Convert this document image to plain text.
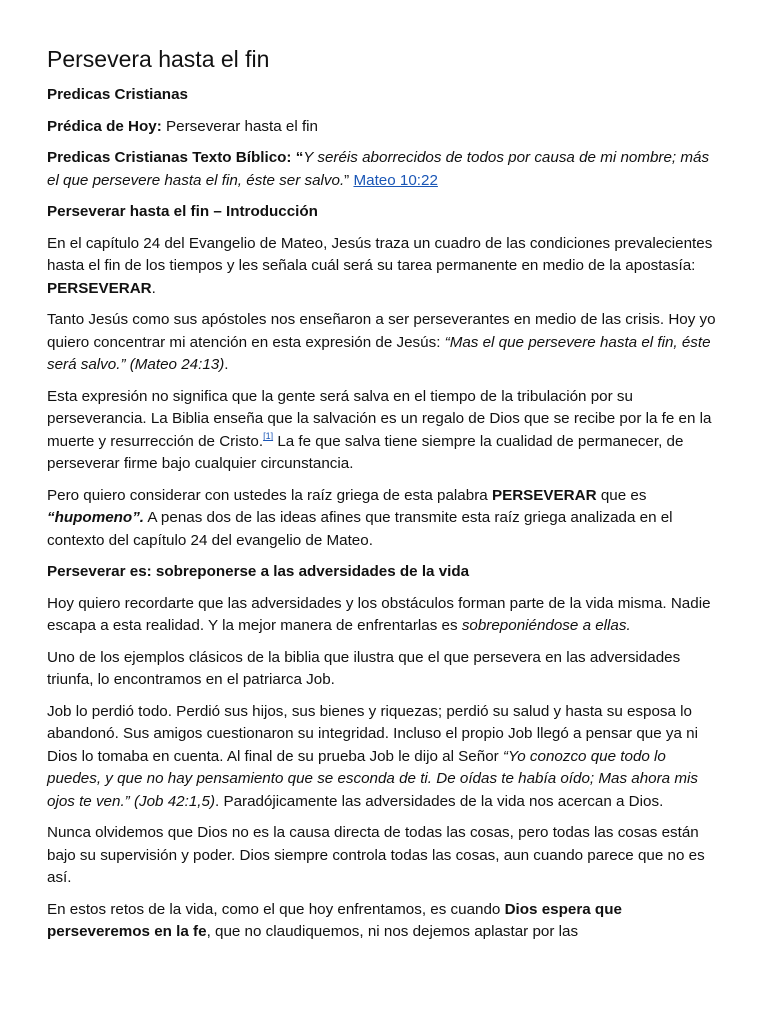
Persevera hasta el fin

Predicas Cristianas

Prédica de Hoy: Perseverar hasta el fin

Predicas Cristianas Texto Bíblico: “Y seréis aborrecidos de todos por causa de mi nombre; más el que persevere hasta el fin, éste ser salvo.” Mateo 10:22

Perseverar hasta el fin – Introducción

En el capítulo 24 del Evangelio de Mateo, Jesús traza un cuadro de las condiciones prevalecientes hasta el fin de los tiempos y les señala cuál será su tarea permanente en medio de la apostasía: PERSEVERAR.

Tanto Jesús como sus apóstoles nos enseñaron a ser perseverantes en medio de las crisis. Hoy yo quiero concentrar mi atención en esta expresión de Jesús: “Mas el que persevere hasta el fin, éste será salvo.” (Mateo 24:13).

Esta expresión no significa que la gente será salva en el tiempo de la tribulación por su perseverancia. La Biblia enseña que la salvación es un regalo de Dios que se recibe por la fe en la muerte y resurrección de Cristo.[1] La fe que salva tiene siempre la cualidad de permanecer, de perseverar firme bajo cualquier circunstancia.

Pero quiero considerar con ustedes la raíz griega de esta palabra PERSEVERAR que es “hupomeno”. A penas dos de las ideas afines que transmite esta raíz griega analizada en el contexto del capítulo 24 del evangelio de Mateo.

Perseverar es: sobreponerse a las adversidades de la vida

Hoy quiero recordarte que las adversidades y los obstáculos forman parte de la vida misma. Nadie escapa a esta realidad. Y la mejor manera de enfrentarlas es sobreponiéndose a ellas.

Uno de los ejemplos clásicos de la biblia que ilustra que el que persevera en las adversidades triunfa, lo encontramos en el patriarca Job.

Job lo perdió todo. Perdió sus hijos, sus bienes y riquezas; perdió su salud y hasta su esposa lo abandonó. Sus amigos cuestionaron su integridad. Incluso el propio Job llegó a pensar que ya ni Dios lo tomaba en cuenta. Al final de su prueba Job le dijo al Señor “Yo conozco que todo lo puedes, y que no hay pensamiento que se esconda de ti. De oídas te había oído; Mas ahora mis ojos te ven.” (Job 42:1,5). Paradójicamente las adversidades de la vida nos acercan a Dios.

Nunca olvidemos que Dios no es la causa directa de todas las cosas, pero todas las cosas están bajo su supervisión y poder. Dios siempre controla todas las cosas, aun cuando parece que no es así.

En estos retos de la vida, como el que hoy enfrentamos, es cuando Dios espera que perseveremos en la fe, que no claudiquemos, ni nos dejemos aplastar por las
